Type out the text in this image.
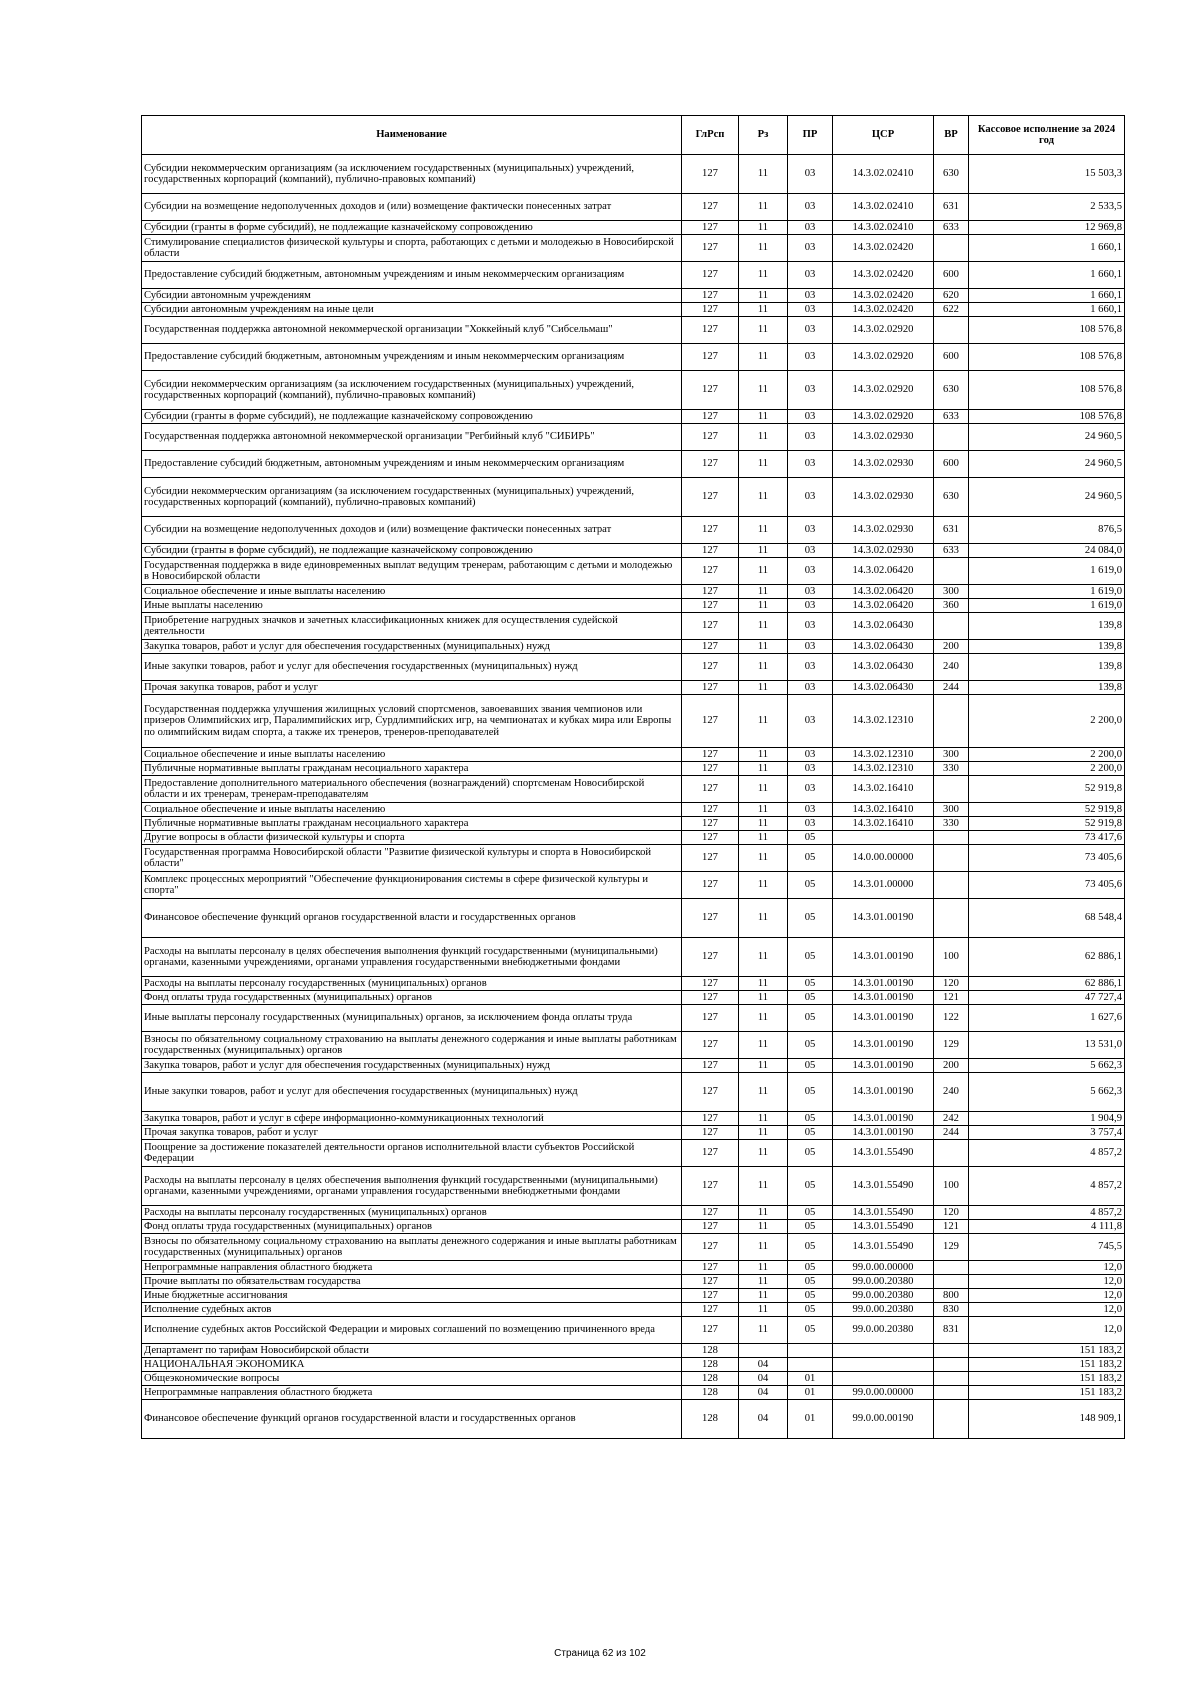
Наименование	ГлРсп	Рз	ПР	ЦСР	ВР	Кассовое исполнение за 2024 год
Субсидии некоммерческим организациям (за исключением государственных (муниципальных) учреждений, государственных корпораций (компаний), публично-правовых компаний)	127	11	03	14.3.02.02410	630	15 503,3
Субсидии на возмещение недополученных доходов и (или) возмещение фактически понесенных затрат	127	11	03	14.3.02.02410	631	2 533,5
Субсидии (гранты в форме субсидий), не подлежащие казначейскому сопровождению	127	11	03	14.3.02.02410	633	12 969,8
Стимулирование специалистов физической культуры и спорта, работающих с детьми и молодежью в Новосибирской области	127	11	03	14.3.02.02420		1 660,1
Предоставление субсидий бюджетным, автономным учреждениям и иным некоммерческим организациям	127	11	03	14.3.02.02420	600	1 660,1
Субсидии автономным учреждениям	127	11	03	14.3.02.02420	620	1 660,1
Субсидии автономным учреждениям на иные цели	127	11	03	14.3.02.02420	622	1 660,1
Государственная поддержка автономной некоммерческой организации "Хоккейный клуб "Сибсельмаш"	127	11	03	14.3.02.02920		108 576,8
Предоставление субсидий бюджетным, автономным учреждениям и иным некоммерческим организациям	127	11	03	14.3.02.02920	600	108 576,8
Субсидии некоммерческим организациям (за исключением государственных (муниципальных) учреждений, государственных корпораций (компаний), публично-правовых компаний)	127	11	03	14.3.02.02920	630	108 576,8
Субсидии (гранты в форме субсидий), не подлежащие казначейскому сопровождению	127	11	03	14.3.02.02920	633	108 576,8
Государственная поддержка автономной некоммерческой организации "Регбийный клуб "СИБИРЬ"	127	11	03	14.3.02.02930		24 960,5
Предоставление субсидий бюджетным, автономным учреждениям и иным некоммерческим организациям	127	11	03	14.3.02.02930	600	24 960,5
Субсидии некоммерческим организациям (за исключением государственных (муниципальных) учреждений, государственных корпораций (компаний), публично-правовых компаний)	127	11	03	14.3.02.02930	630	24 960,5
Субсидии на возмещение недополученных доходов и (или) возмещение фактически понесенных затрат	127	11	03	14.3.02.02930	631	876,5
Субсидии (гранты в форме субсидий), не подлежащие казначейскому сопровождению	127	11	03	14.3.02.02930	633	24 084,0
Государственная поддержка в виде единовременных выплат ведущим тренерам, работающим с детьми и молодежью в Новосибирской области	127	11	03	14.3.02.06420		1 619,0
Социальное обеспечение и иные выплаты населению	127	11	03	14.3.02.06420	300	1 619,0
Иные выплаты населению	127	11	03	14.3.02.06420	360	1 619,0
Приобретение нагрудных значков и зачетных классификационных книжек для осуществления судейской деятельности	127	11	03	14.3.02.06430		139,8
Закупка товаров, работ и услуг для обеспечения государственных (муниципальных) нужд	127	11	03	14.3.02.06430	200	139,8
Иные закупки товаров, работ и услуг для обеспечения государственных (муниципальных) нужд	127	11	03	14.3.02.06430	240	139,8
Прочая закупка товаров, работ и услуг	127	11	03	14.3.02.06430	244	139,8
Государственная поддержка улучшения жилищных условий спортсменов, завоевавших звания чемпионов или призеров Олимпийских игр, Паралимпийских игр, Сурдлимпийских игр, на чемпионатах и кубках мира или Европы по олимпийским видам спорта, а также их тренеров, тренеров-преподавателей	127	11	03	14.3.02.12310		2 200,0
Социальное обеспечение и иные выплаты населению	127	11	03	14.3.02.12310	300	2 200,0
Публичные нормативные выплаты гражданам несоциального характера	127	11	03	14.3.02.12310	330	2 200,0
Предоставление дополнительного материального обеспечения (вознаграждений) спортсменам Новосибирской области и их тренерам, тренерам-преподавателям	127	11	03	14.3.02.16410		52 919,8
Социальное обеспечение и иные выплаты населению	127	11	03	14.3.02.16410	300	52 919,8
Публичные нормативные выплаты гражданам несоциального характера	127	11	03	14.3.02.16410	330	52 919,8
Другие вопросы в области физической культуры и спорта	127	11	05			73 417,6
Государственная программа Новосибирской области "Развитие физической культуры и спорта в Новосибирской области"	127	11	05	14.0.00.00000		73 405,6
Комплекс процессных мероприятий "Обеспечение функционирования системы в сфере физической культуры и спорта"	127	11	05	14.3.01.00000		73 405,6
Финансовое обеспечение функций органов государственной власти и государственных органов	127	11	05	14.3.01.00190		68 548,4
Расходы на выплаты персоналу в целях обеспечения выполнения функций государственными (муниципальными) органами, казенными учреждениями, органами управления государственными внебюджетными фондами	127	11	05	14.3.01.00190	100	62 886,1
Расходы на выплаты персоналу государственных (муниципальных) органов	127	11	05	14.3.01.00190	120	62 886,1
Фонд оплаты труда государственных (муниципальных) органов	127	11	05	14.3.01.00190	121	47 727,4
Иные выплаты персоналу государственных (муниципальных) органов, за исключением фонда оплаты труда	127	11	05	14.3.01.00190	122	1 627,6
Взносы по обязательному социальному страхованию на выплаты денежного содержания и иные выплаты работникам государственных (муниципальных) органов	127	11	05	14.3.01.00190	129	13 531,0
Закупка товаров, работ и услуг для обеспечения государственных (муниципальных) нужд	127	11	05	14.3.01.00190	200	5 662,3
Иные закупки товаров, работ и услуг для обеспечения государственных (муниципальных) нужд	127	11	05	14.3.01.00190	240	5 662,3
Закупка товаров, работ и услуг в сфере информационно-коммуникационных технологий	127	11	05	14.3.01.00190	242	1 904,9
Прочая закупка товаров, работ и услуг	127	11	05	14.3.01.00190	244	3 757,4
Поощрение за достижение показателей деятельности органов исполнительной власти субъектов Российской Федерации	127	11	05	14.3.01.55490		4 857,2
Расходы на выплаты персоналу в целях обеспечения выполнения функций государственными (муниципальными) органами, казенными учреждениями, органами управления государственными внебюджетными фондами	127	11	05	14.3.01.55490	100	4 857,2
Расходы на выплаты персоналу государственных (муниципальных) органов	127	11	05	14.3.01.55490	120	4 857,2
Фонд оплаты труда государственных (муниципальных) органов	127	11	05	14.3.01.55490	121	4 111,8
Взносы по обязательному социальному страхованию на выплаты денежного содержания и иные выплаты работникам государственных (муниципальных) органов	127	11	05	14.3.01.55490	129	745,5
Непрограммные направления областного бюджета	127	11	05	99.0.00.00000		12,0
Прочие выплаты по обязательствам государства	127	11	05	99.0.00.20380		12,0
Иные бюджетные ассигнования	127	11	05	99.0.00.20380	800	12,0
Исполнение судебных актов	127	11	05	99.0.00.20380	830	12,0
Исполнение судебных актов Российской Федерации и мировых соглашений по возмещению причиненного вреда	127	11	05	99.0.00.20380	831	12,0
Департамент по тарифам Новосибирской области	128					151 183,2
НАЦИОНАЛЬНАЯ ЭКОНОМИКА	128	04				151 183,2
Общеэкономические вопросы	128	04	01			151 183,2
Непрограммные направления областного бюджета	128	04	01	99.0.00.00000		151 183,2
Финансовое обеспечение функций органов государственной власти и государственных органов	128	04	01	99.0.00.00190		148 909,1
Страница 62 из 102
